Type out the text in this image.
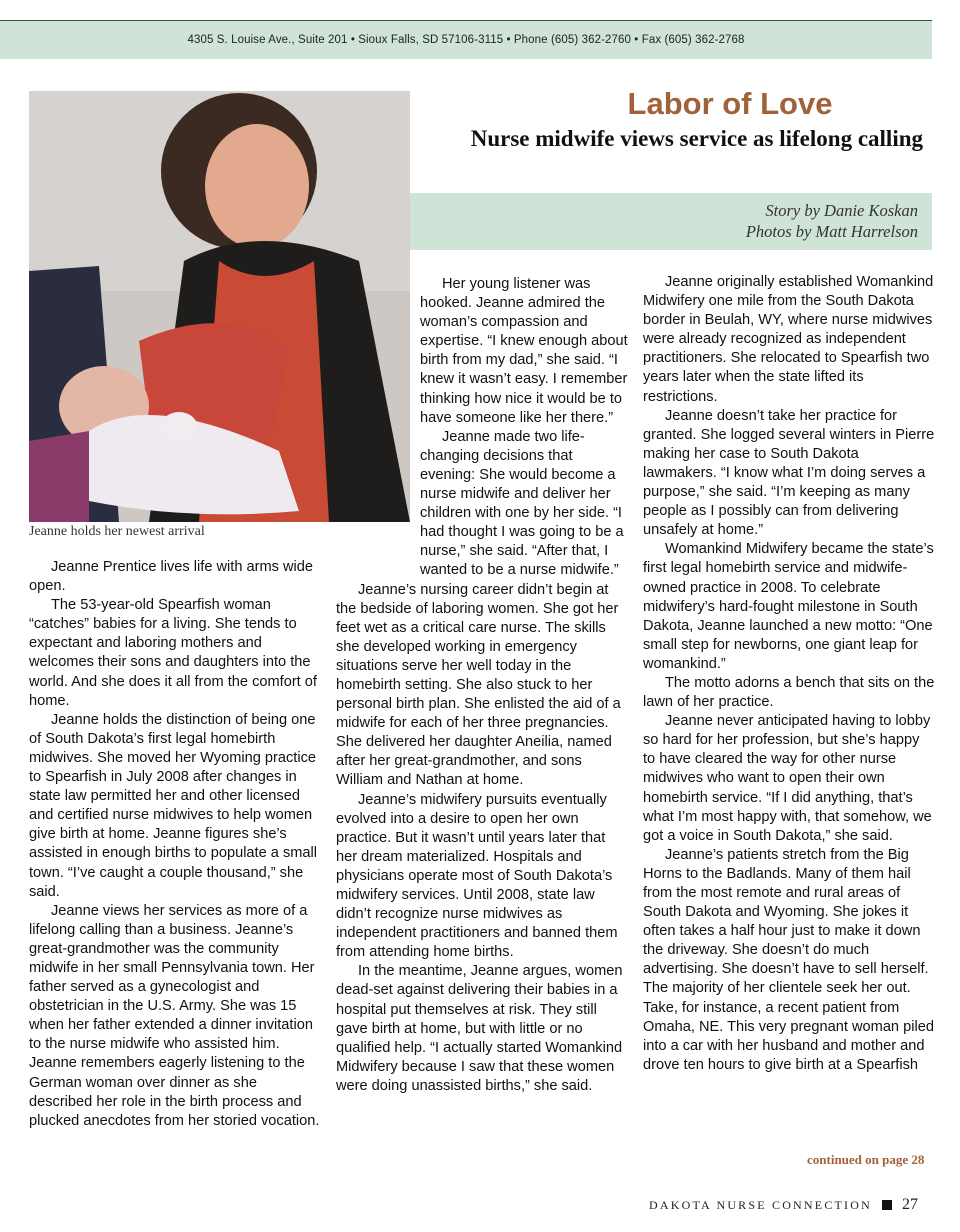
4305 S. Louise Ave., Suite 201 • Sioux Falls, SD 57106-3115 • Phone (605) 362-2760 • Fax (605) 362-2768
Jeanne holds her newest arrival
Labor of Love
Nurse midwife views service as lifelong calling
Story by Danie Koskan
Photos by Matt Harrelson

Jeanne Prentice lives life with arms wide open.

The 53-year-old Spearfish woman “catches” babies for a living. She tends to expectant and laboring mothers and welcomes their sons and daughters into the world. And she does it all from the comfort of home.

Jeanne holds the distinction of being one of South Dakota’s first legal homebirth midwives. She moved her Wyoming practice to Spearfish in July 2008 after changes in state law permitted her and other licensed and certified nurse midwives to help women give birth at home. Jeanne figures she’s assisted in enough births to populate a small town. “I’ve caught a couple thousand,” she said.

Jeanne views her services as more of a lifelong calling than a business. Jeanne’s great-grandmother was the community midwife in her small Pennsylvania town. Her father served as a gynecologist and obstetrician in the U.S. Army. She was 15 when her father extended a dinner invitation to the nurse midwife who assisted him. Jeanne remembers eagerly listening to the German woman over dinner as she described her role in the birth process and plucked anecdotes from her storied vocation.

Her young listener was hooked. Jeanne admired the woman’s compassion and expertise. “I knew enough about birth from my dad,” she said. “I knew it wasn’t easy. I remember thinking how nice it would be to have someone like her there.”

Jeanne made two life-changing decisions that evening: She would become a nurse midwife and deliver her children with one by her side. “I had thought I was going to be a nurse,” she said. “After that, I wanted to be a nurse midwife.”

Jeanne’s nursing career didn’t begin at the bedside of laboring women. She got her feet wet as a critical care nurse. The skills she developed working in emergency situations serve her well today in the homebirth setting. She also stuck to her personal birth plan. She enlisted the aid of a midwife for each of her three pregnancies. She delivered her daughter Aneilia, named after her great-grandmother, and sons William and Nathan at home.

Jeanne’s midwifery pursuits eventually evolved into a desire to open her own practice. But it wasn’t until years later that her dream materialized. Hospitals and physicians operate most of South Dakota’s midwifery services. Until 2008, state law didn’t recognize nurse midwives as independent practitioners and banned them from attending home births.

In the meantime, Jeanne argues, women dead-set against delivering their babies in a hospital put themselves at risk. They still gave birth at home, but with little or no qualified help. “I actually started Womankind Midwifery because I saw that these women were doing unassisted births,” she said.

Jeanne originally established Womankind Midwifery one mile from the South Dakota border in Beulah, WY, where nurse midwives were already recognized as independent practitioners. She relocated to Spearfish two years later when the state lifted its restrictions.

Jeanne doesn’t take her practice for granted. She logged several winters in Pierre making her case to South Dakota lawmakers. “I know what I’m doing serves a purpose,” she said. “I’m keeping as many people as I possibly can from delivering unsafely at home.”

Womankind Midwifery became the state’s first legal homebirth service and midwife-owned practice in 2008. To celebrate midwifery’s hard-fought milestone in South Dakota, Jeanne launched a new motto: “One small step for newborns, one giant leap for womankind.”

The motto adorns a bench that sits on the lawn of her practice.

Jeanne never anticipated having to lobby so hard for her profession, but she’s happy to have cleared the way for other nurse midwives who want to open their own homebirth service. “If I did anything, that’s what I’m most happy with, that somehow, we got a voice in South Dakota,” she said.

Jeanne’s patients stretch from the Big Horns to the Badlands. Many of them hail from the most remote and rural areas of South Dakota and Wyoming. She jokes it often takes a half hour just to make it down the driveway. She doesn’t do much advertising. She doesn’t have to sell herself. The majority of her clientele seek her out. Take, for instance, a recent patient from Omaha, NE. This very pregnant woman piled into a car with her husband and mother and drove ten hours to give birth at a Spearfish

continued on page 28
DAKOTA NURSE CONNECTION 27
